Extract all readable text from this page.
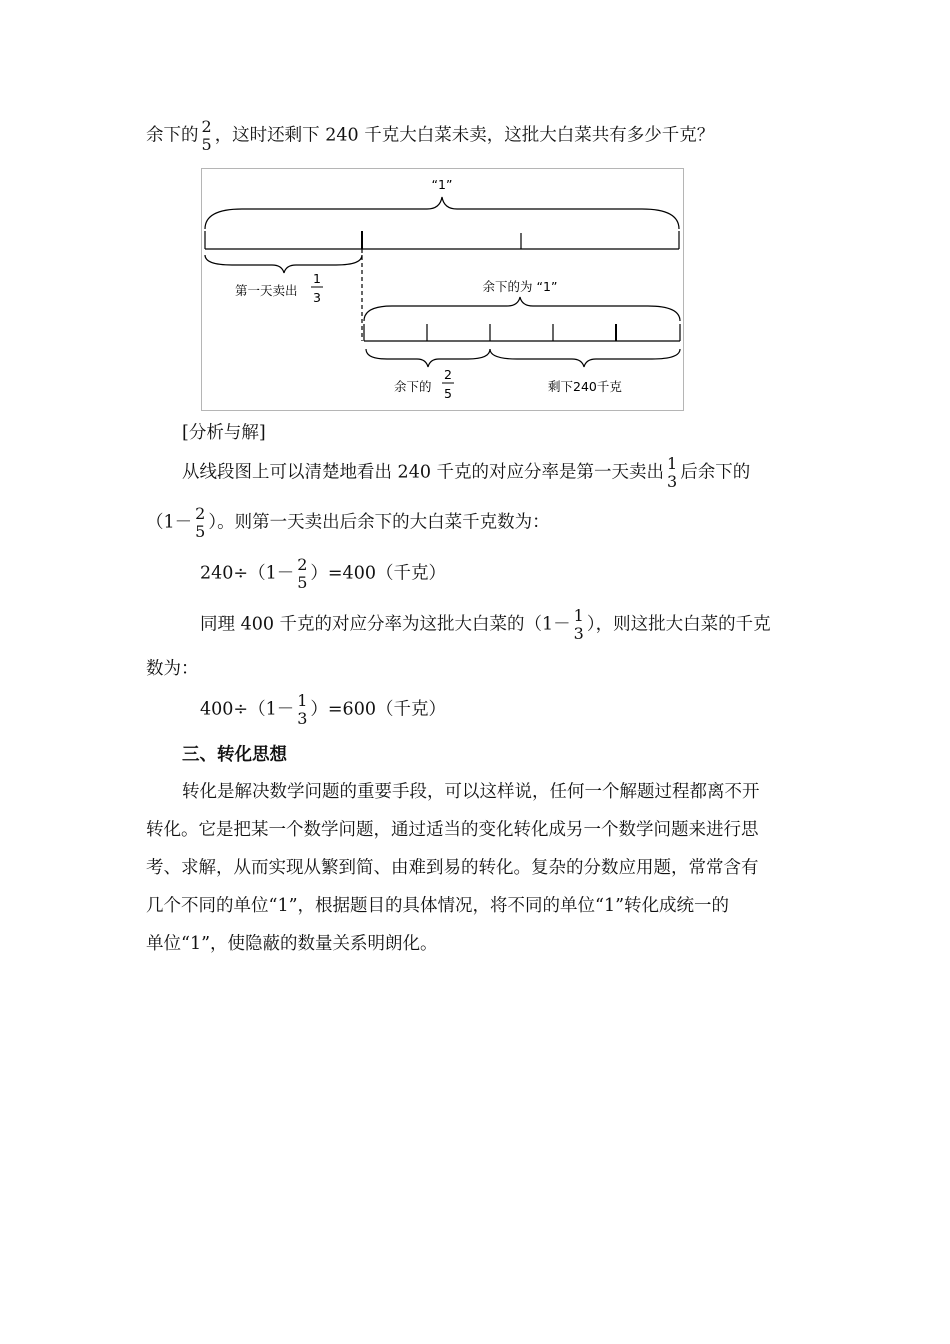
余下的 2
5 ，这时还剩下 240 千克大白菜未卖，这批大白菜共有多少千克？
“1”
第一天卖出
1
3
余下的为 “1”
余下的
2
5	剩下240千克
[分析与解]
从线段图上可以清楚地看出 240 千克的对应分率是第一天卖出 1
3 后余下的
（1－ 2
5 ）。则第一天卖出后余下的大白菜千克数为：
240÷（1－ 2
5 ）=400（千克）
同理 400 千克的对应分率为这批大白菜的（1－ 1
3 ），则这批大白菜的千克
数为：
400÷（1－ 1
3 ）=600（千克）
三、转化思想
转化是解决数学问题的重要手段，可以这样说，任何一个解题过程都离不开
转化。它是把某一个数学问题，通过适当的变化转化成另一个数学问题来进行思
考、求解，从而实现从繁到简、由难到易的转化。复杂的分数应用题，常常含有
几个不同的单位“1”，根据题目的具体情况，将不同的单位“1”转化成统一的
单位“1”，使隐蔽的数量关系明朗化。
